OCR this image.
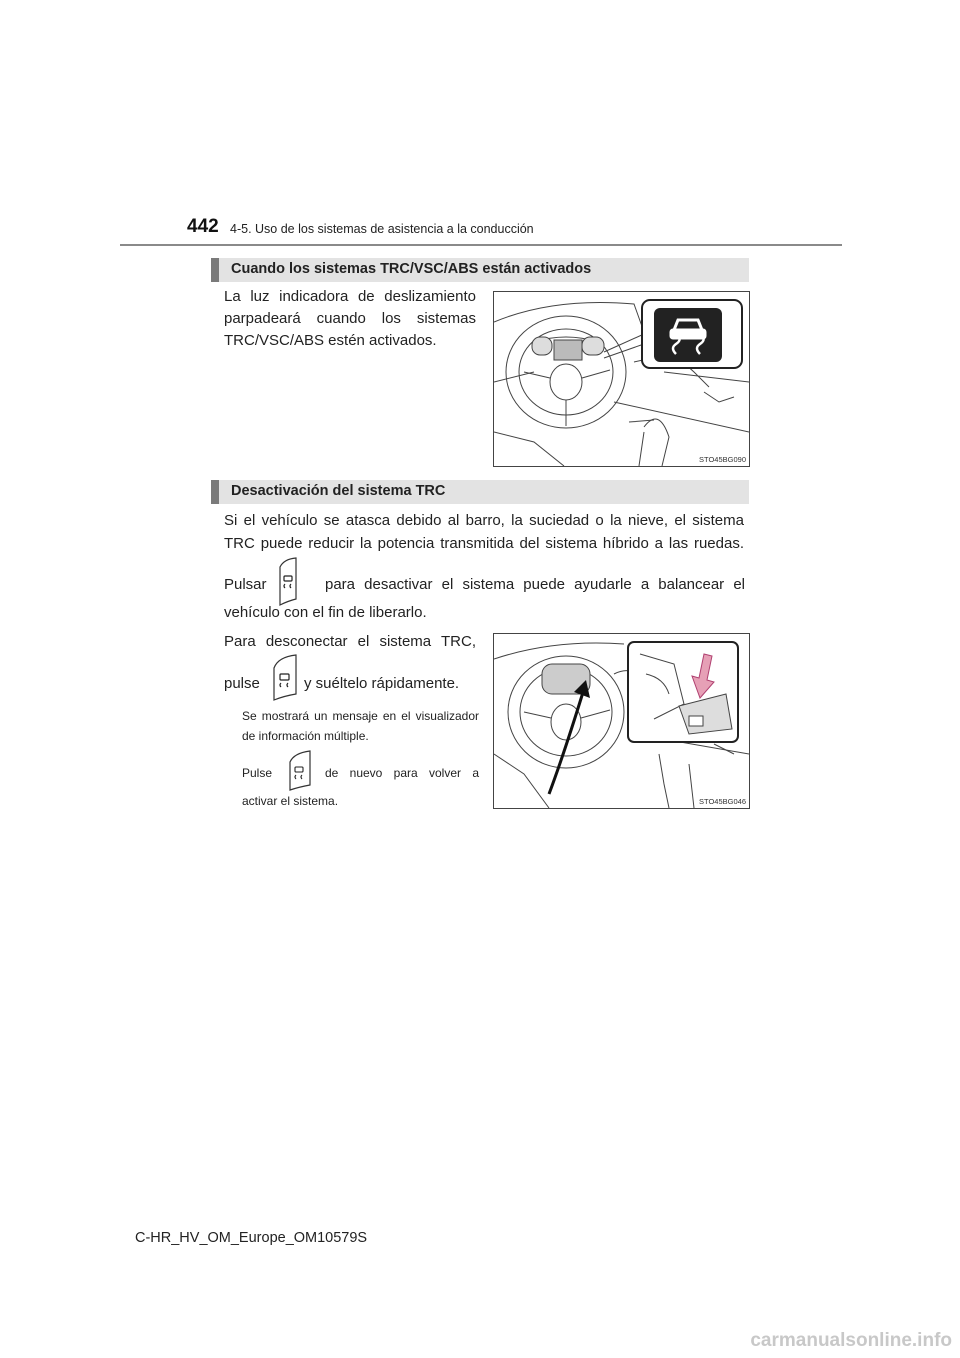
442 4-5. Uso de los sistemas de asistencia a la conducción
Cuando los sistemas TRC/VSC/ABS están activados
La luz indicadora de deslizamiento parpadeará cuando los sistemas TRC/VSC/ABS estén activados.
STO45BG090
Desactivación del sistema TRC
Si el vehículo se atasca debido al barro, la suciedad o la nieve, el sistema
TRC puede reducir la potencia transmitida del sistema híbrido a las ruedas.
Pulsar	para desactivar el sistema puede ayudarle a balancear el
vehículo con el fin de liberarlo.
Para desconectar el sistema TRC,
pulse	y suéltelo rápidamente.
Se mostrará un mensaje en el visualizador de información múltiple.
Pulse	de nuevo para volver a
activar el sistema.	STO45BG046
C-HR_HV_OM_Europe_OM10579S
carmanualsonline.info
